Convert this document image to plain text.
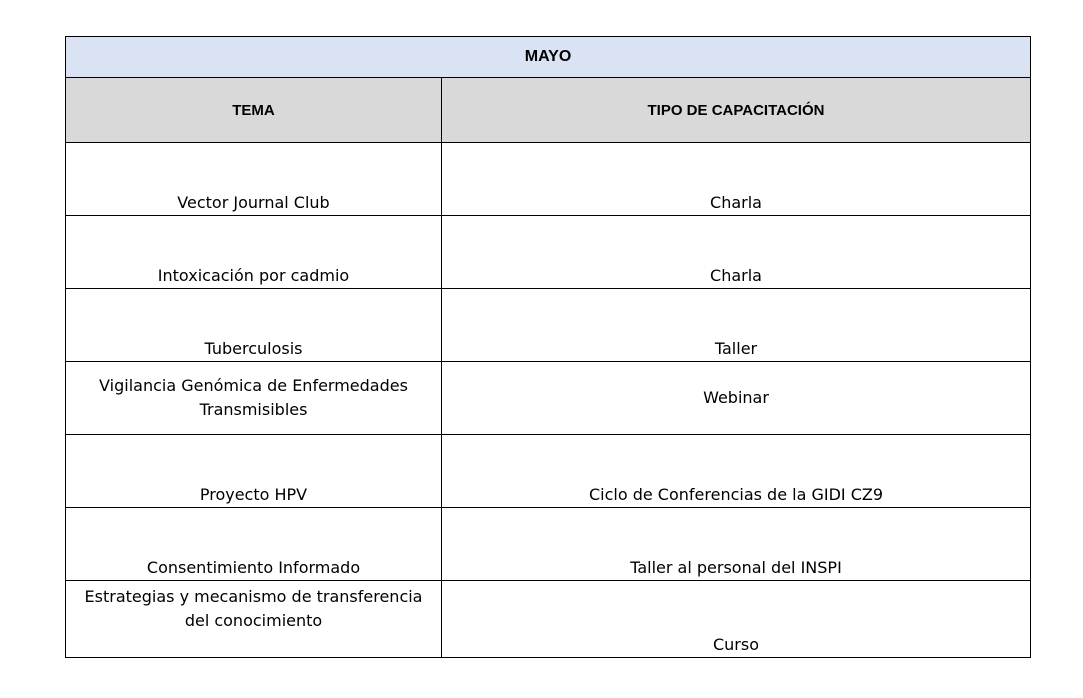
MAYO	
TEMA	TIPO DE CAPACITACIÓN
Vector Journal Club	Charla
Intoxicación por cadmio	Charla
Tuberculosis	Taller
Vigilancia Genómica de Enfermedades Transmisibles	Webinar
Proyecto HPV	Ciclo de Conferencias de la GIDI CZ9
Consentimiento Informado	Taller al personal del INSPI
Estrategias y mecanismo de transferencia del conocimiento	Curso
